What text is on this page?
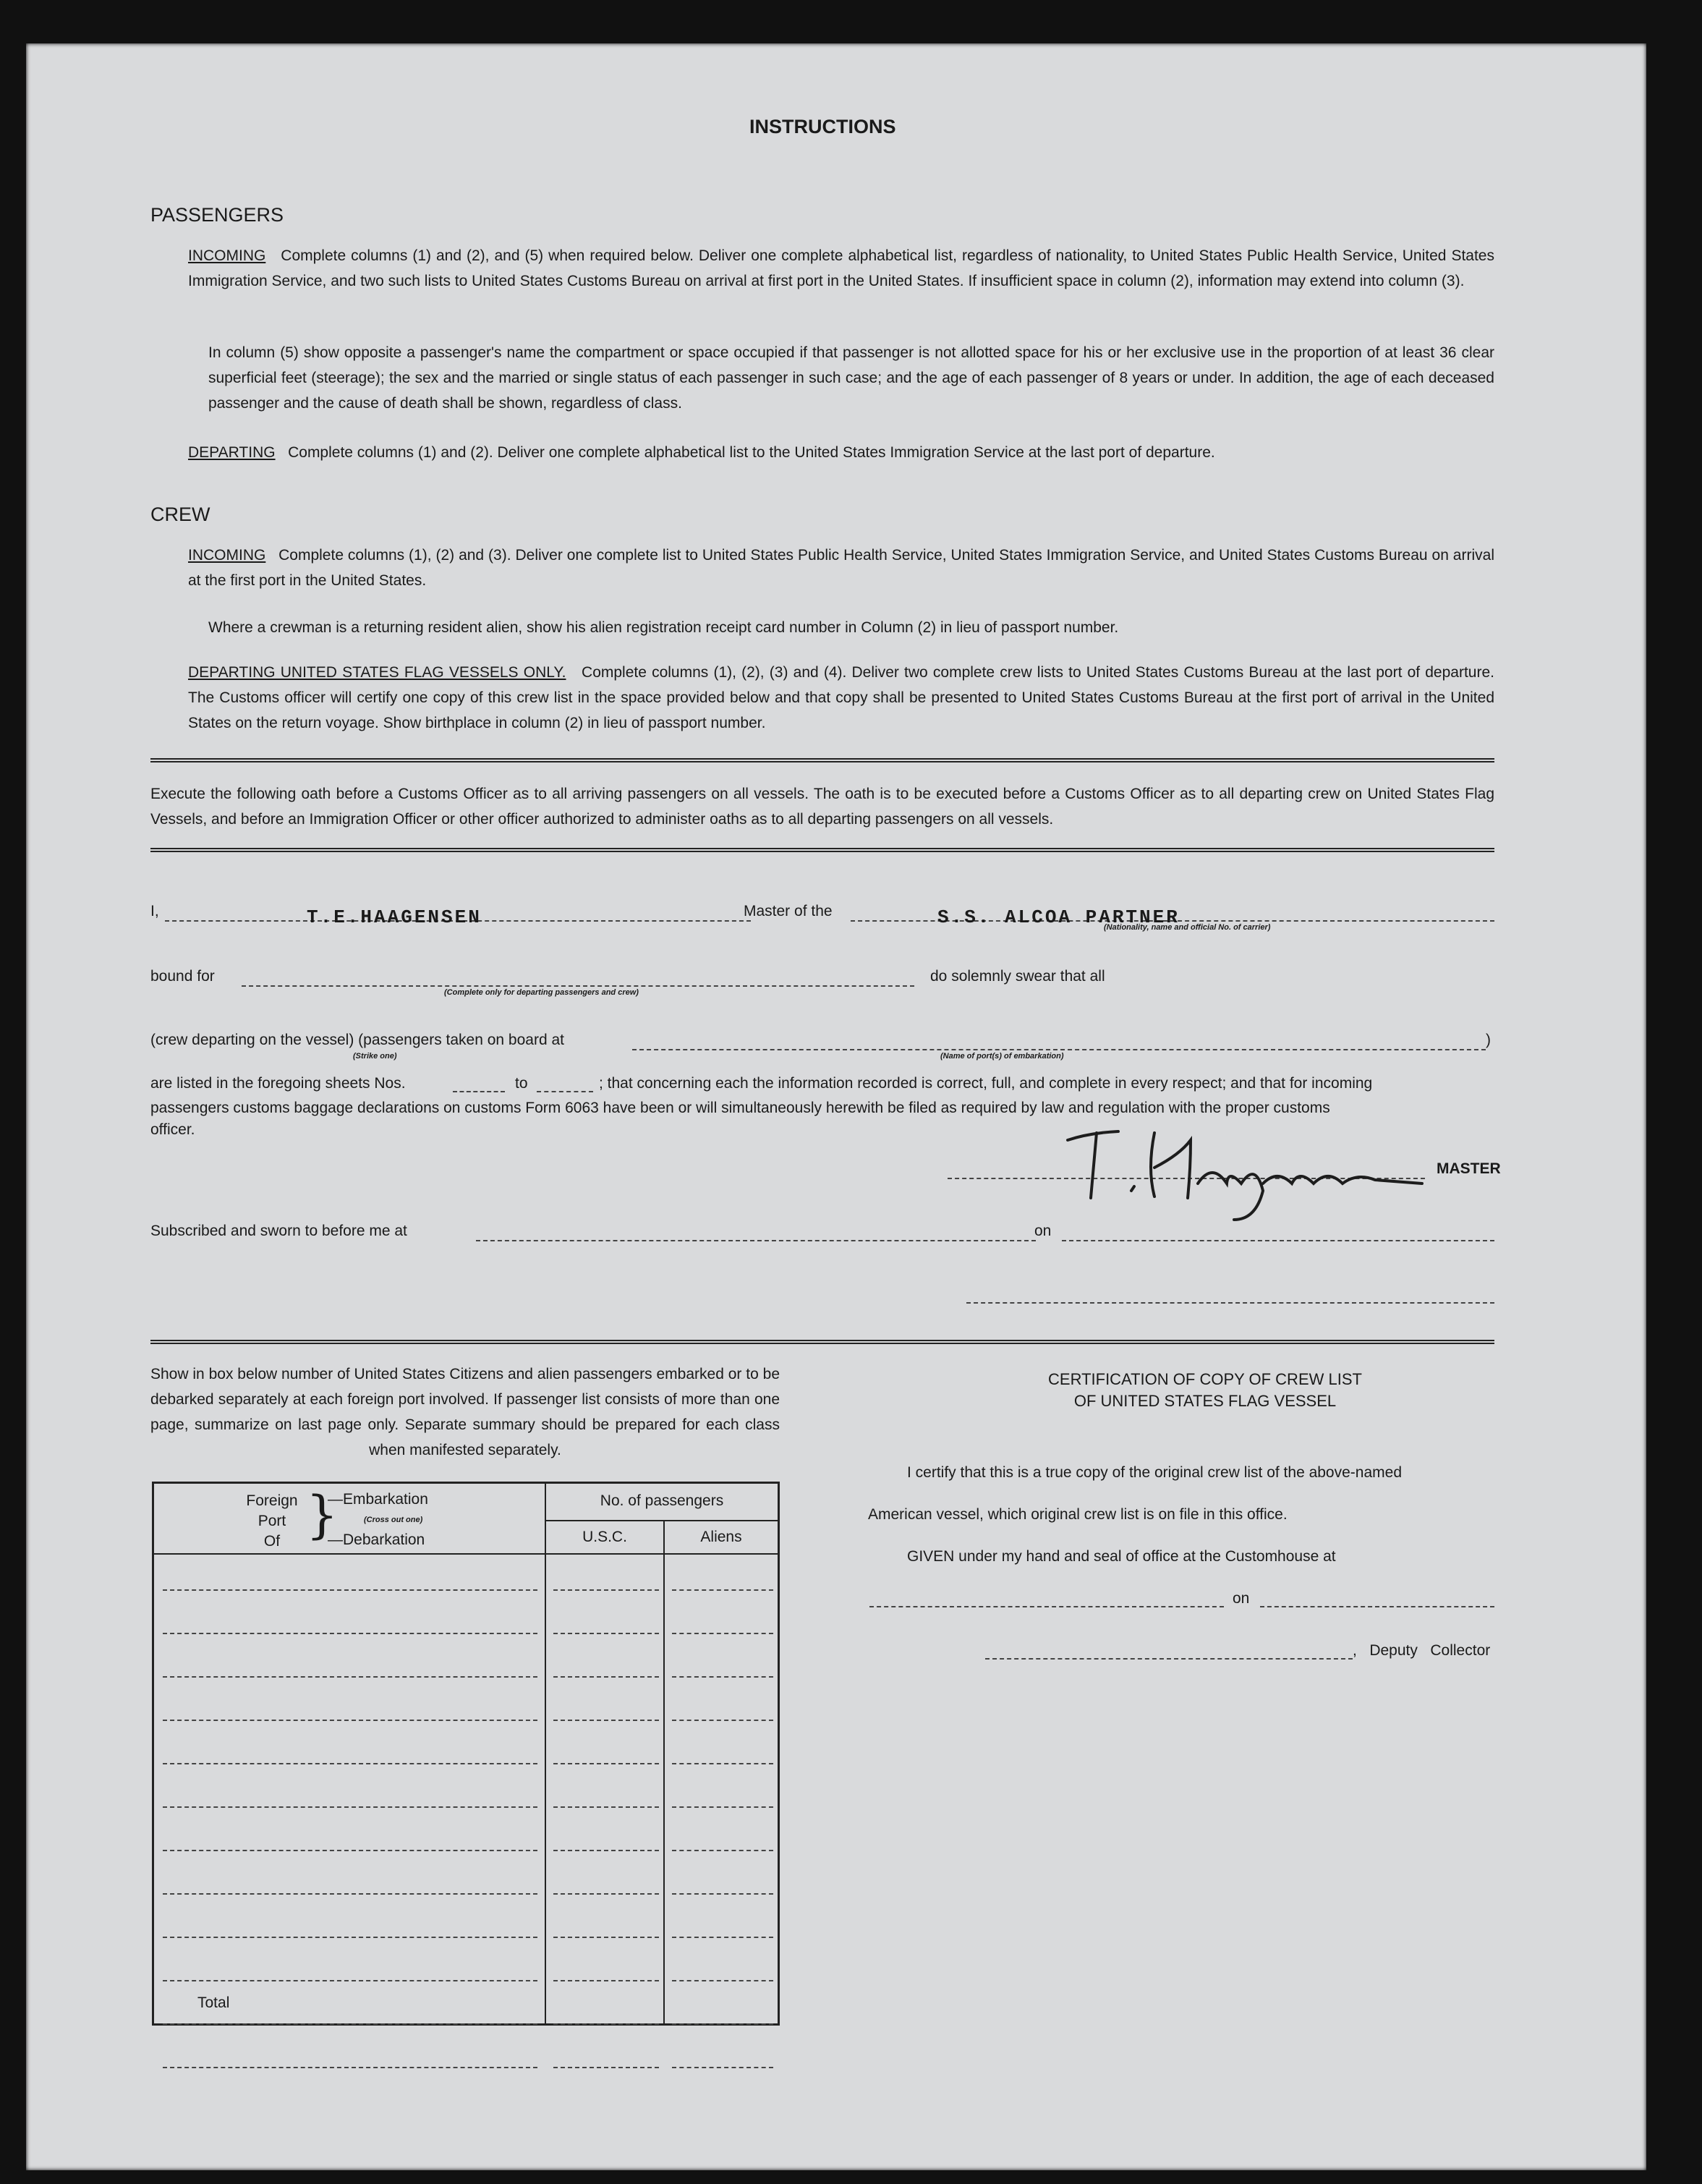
INSTRUCTIONS
PASSENGERS
INCOMING Complete columns (1) and (2), and (5) when required below. Deliver one complete alphabetical list, regardless of nationality, to United States Public Health Service, United States Immigration Service, and two such lists to United States Customs Bureau on arrival at first port in the United States. If insufficient space in column (2), information may extend into column (3).
In column (5) show opposite a passenger's name the compartment or space occupied if that passenger is not allotted space for his or her exclusive use in the proportion of at least 36 clear superficial feet (steerage); the sex and the married or single status of each passenger in such case; and the age of each passenger of 8 years or under. In addition, the age of each deceased passenger and the cause of death shall be shown, regardless of class.
DEPARTING Complete columns (1) and (2). Deliver one complete alphabetical list to the United States Immigration Service at the last port of departure.
CREW
INCOMING Complete columns (1), (2) and (3). Deliver one complete list to United States Public Health Service, United States Immigration Service, and United States Customs Bureau on arrival at the first port in the United States.
Where a crewman is a returning resident alien, show his alien registration receipt card number in Column (2) in lieu of passport number.
DEPARTING UNITED STATES FLAG VESSELS ONLY. Complete columns (1), (2), (3) and (4). Deliver two complete crew lists to United States Customs Bureau at the last port of departure. The Customs officer will certify one copy of this crew list in the space provided below and that copy shall be presented to United States Customs Bureau at the first port of arrival in the United States on the return voyage. Show birthplace in column (2) in lieu of passport number.
Execute the following oath before a Customs Officer as to all arriving passengers on all vessels. The oath is to be executed before a Customs Officer as to all departing crew on United States Flag Vessels, and before an Immigration Officer or other officer authorized to administer oaths as to all departing passengers on all vessels.
I,	T.E.HAAGENSEN	Master of the	S.S. ALCOA PARTNER
(Nationality, name and official No. of carrier)
bound for
(Complete only for departing passengers and crew)
do solemnly swear that all
(crew departing on the vessel) (passengers taken on board at	)
(Strike one)	(Name of port(s) of embarkation)
are listed in the foregoing sheets Nos.	to	; that concerning each the information recorded is correct, full, and complete in every respect; and that for incoming
passengers customs baggage declarations on customs Form 6063 have been or will simultaneously herewith be filed as required by law and regulation with the proper customs
officer.
MASTER
Subscribed and sworn to before me at	on
Show in box below number of United States Citizens and alien passengers embarked or to be debarked separately at each foreign port involved. If passenger list consists of more than one page, summarize on last page only. Separate summary should be prepared for each class when manifested separately.
Foreign
Port
Of }
—Embarkation
(Cross out one)
—Debarkation
No. of passengers
U.S.C.	Aliens
Total
CERTIFICATION OF COPY OF CREW LIST
OF UNITED STATES FLAG VESSEL
I certify that this is a true copy of the original crew list of the above-named
American vessel, which original crew list is on file in this office.
GIVEN under my hand and seal of office at the Customhouse at
on
,   Deputy   Collector
